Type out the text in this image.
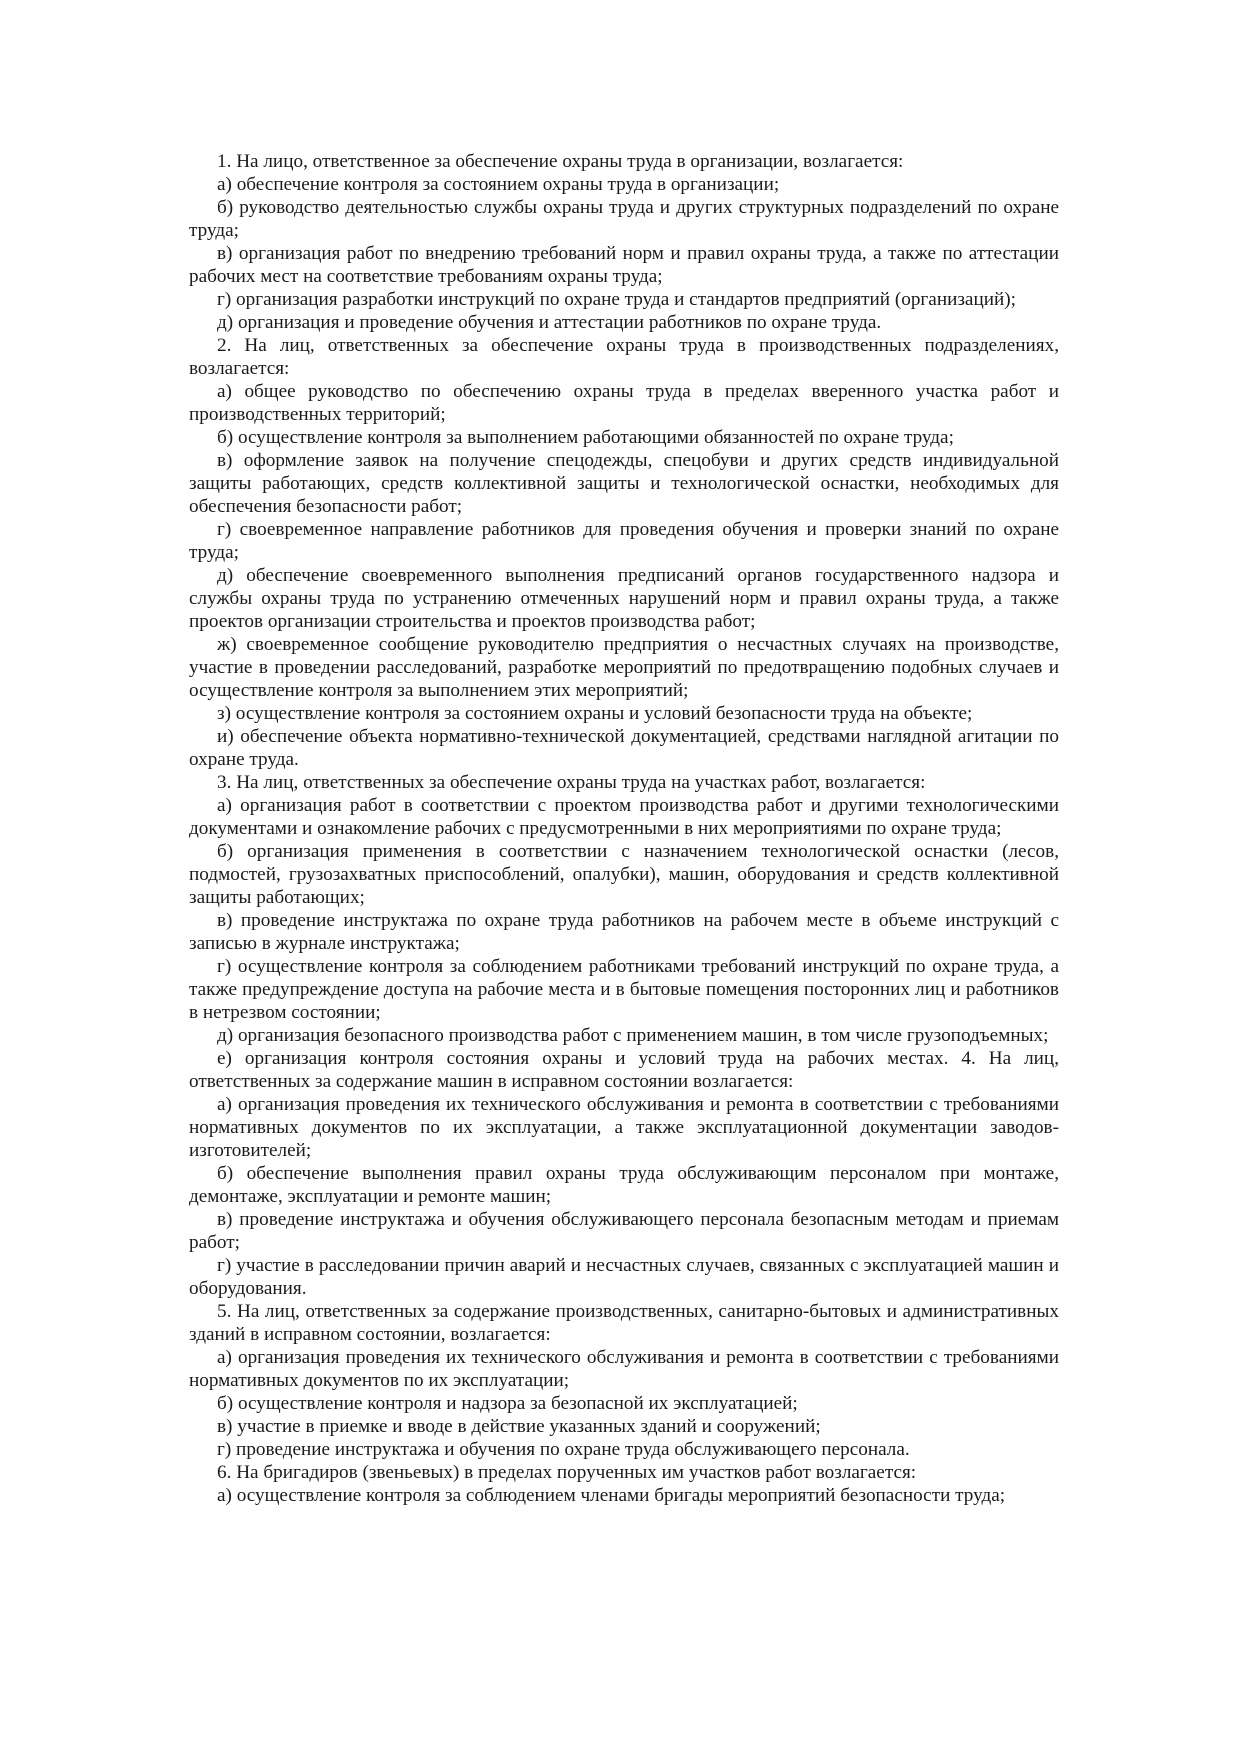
1. На лицо, ответственное за обеспечение охраны труда в организации, возлагается:

а) обеспечение контроля за состоянием охраны труда в организации;

б) руководство деятельностью службы охраны труда и других структурных подразделений по охране труда;

в) организация работ по внедрению требований норм и правил охраны труда, а также по аттестации рабочих мест на соответствие требованиям охраны труда;

г) организация разработки инструкций по охране труда и стандартов предприятий (организаций);

д) организация и проведение обучения и аттестации работников по охране труда.

2. На лиц, ответственных за обеспечение охраны труда в производственных подразделениях, возлагается:

а) общее руководство по обеспечению охраны труда в пределах вверенного участка работ и производственных территорий;

б) осуществление контроля за выполнением работающими обязанностей по охране труда;

в) оформление заявок на получение спецодежды, спецобуви и других средств индивидуальной защиты работающих, средств коллективной защиты и технологической оснастки, необходимых для обеспечения безопасности работ;

г) своевременное направление работников для проведения обучения и проверки знаний по охране труда;

д) обеспечение своевременного выполнения предписаний органов государственного надзора и службы охраны труда по устранению отмеченных нарушений норм и правил охраны труда, а также проектов организации строительства и проектов производства работ;

ж) своевременное сообщение руководителю предприятия о несчастных случаях на производстве, участие в проведении расследований, разработке мероприятий по предотвращению подобных случаев и осуществление контроля за выполнением этих мероприятий;

з) осуществление контроля за состоянием охраны и условий безопасности труда на объекте;

и) обеспечение объекта нормативно-технической документацией, средствами наглядной агитации по охране труда.

3. На лиц, ответственных за обеспечение охраны труда на участках работ, возлагается:

а) организация работ в соответствии с проектом производства работ и другими технологическими документами и ознакомление рабочих с предусмотренными в них мероприятиями по охране труда;

б) организация применения в соответствии с назначением технологической оснастки (лесов, подмостей, грузозахватных приспособлений, опалубки), машин, оборудования и средств коллективной защиты работающих;

в) проведение инструктажа по охране труда работников на рабочем месте в объеме инструкций с записью в журнале инструктажа;

г) осуществление контроля за соблюдением работниками требований инструкций по охране труда, а также предупреждение доступа на рабочие места и в бытовые помещения посторонних лиц и работников в нетрезвом состоянии;

д) организация безопасного производства работ с применением машин, в том числе грузоподъемных;

е) организация контроля состояния охраны и условий труда на рабочих местах. 4. На лиц, ответственных за содержание машин в исправном состоянии возлагается:

а) организация проведения их технического обслуживания и ремонта в соответствии с требованиями нормативных документов по их эксплуатации, а также эксплуатационной документации заводов-изготовителей;

б) обеспечение выполнения правил охраны труда обслуживающим персоналом при монтаже, демонтаже, эксплуатации и ремонте машин;

в) проведение инструктажа и обучения обслуживающего персонала безопасным методам и приемам работ;

г) участие в расследовании причин аварий и несчастных случаев, связанных с эксплуатацией машин и оборудования.

5. На лиц, ответственных за содержание производственных, санитарно-бытовых и административных зданий в исправном состоянии, возлагается:

а) организация проведения их технического обслуживания и ремонта в соответствии с требованиями нормативных документов по их эксплуатации;

б) осуществление контроля и надзора за безопасной их эксплуатацией;

в) участие в приемке и вводе в действие указанных зданий и сооружений;

г) проведение инструктажа и обучения по охране труда обслуживающего персонала.

6. На бригадиров (звеньевых) в пределах порученных им участков работ возлагается:

а) осуществление контроля за соблюдением членами бригады мероприятий безопасности труда;
